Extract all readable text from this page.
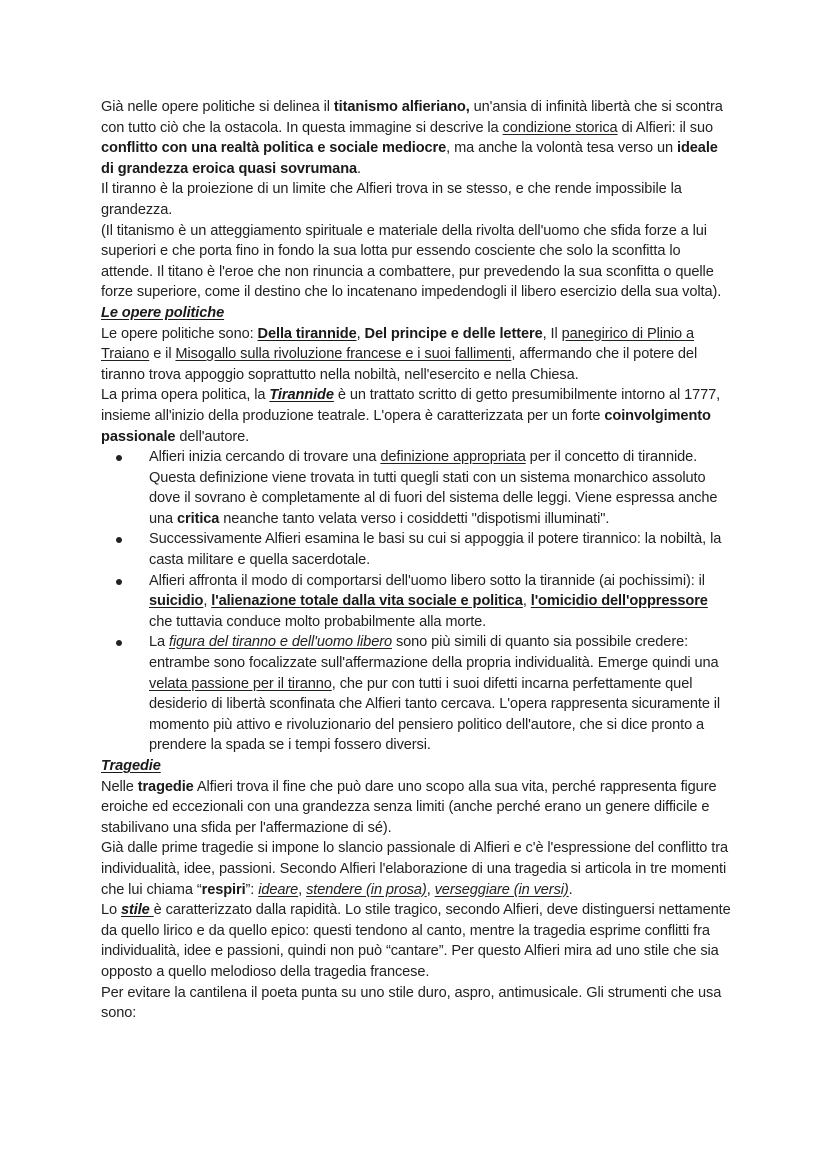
Già nelle opere politiche si delinea il titanismo alfieriano, un'ansia di infinità libertà che si scontra con tutto ciò che la ostacola. In questa immagine si descrive la condizione storica di Alfieri: il suo conflitto con una realtà politica e sociale mediocre, ma anche la volontà tesa verso un ideale di grandezza eroica quasi sovrumana.

Il tiranno è la proiezione di un limite che Alfieri trova in se stesso, e che rende impossibile la grandezza.

(Il titanismo è un atteggiamento spirituale e materiale della rivolta dell'uomo che sfida forze a lui superiori e che porta fino in fondo la sua lotta pur essendo cosciente che solo la sconfitta lo attende. Il titano è l'eroe che non rinuncia a combattere, pur prevedendo la sua sconfitta o quelle forze superiore, come il destino che lo incatenano impedendogli il libero esercizio della sua volta).

Le opere politiche

Le opere politiche sono: Della tirannide, Del principe e delle lettere, Il panegirico di Plinio a Traiano e il Misogallo sulla rivoluzione francese e i suoi fallimenti, affermando che il potere del tiranno trova appoggio soprattutto nella nobiltà, nell'esercito e nella Chiesa.

La prima opera politica, la Tirannide è un trattato scritto di getto presumibilmente intorno al 1777, insieme all'inizio della produzione teatrale. L'opera è caratterizzata per un forte coinvolgimento passionale dell'autore.

Alfieri inizia cercando di trovare una definizione appropriata per il concetto di tirannide. Questa definizione viene trovata in tutti quegli stati con un sistema monarchico assoluto dove il sovrano è completamente al di fuori del sistema delle leggi. Viene espressa anche una critica neanche tanto velata verso i cosiddetti "dispotismi illuminati".
Successivamente Alfieri esamina le basi su cui si appoggia il potere tirannico: la nobiltà, la casta militare e quella sacerdotale.
Alfieri affronta il modo di comportarsi dell'uomo libero sotto la tirannide (ai pochissimi): il suicidio, l'alienazione totale dalla vita sociale e politica, l'omicidio dell'oppressore che tuttavia conduce molto probabilmente alla morte.
La figura del tiranno e dell'uomo libero sono più simili di quanto sia possibile credere: entrambe sono focalizzate sull'affermazione della propria individualità. Emerge quindi una velata passione per il tiranno, che pur con tutti i suoi difetti incarna perfettamente quel desiderio di libertà sconfinata che Alfieri tanto cercava. L'opera rappresenta sicuramente il momento più attivo e rivoluzionario del pensiero politico dell'autore, che si dice pronto a prendere la spada se i tempi fossero diversi.

Tragedie

Nelle tragedie Alfieri trova il fine che può dare uno scopo alla sua vita, perché rappresenta figure eroiche ed eccezionali con una grandezza senza limiti (anche perché erano un genere difficile e stabilivano una sfida per l'affermazione di sé).

Già dalle prime tragedie si impone lo slancio passionale di Alfieri e c'è l'espressione del conflitto tra individualità, idee, passioni. Secondo Alfieri l'elaborazione di una tragedia si articola in tre momenti che lui chiama “respiri”: ideare, stendere (in prosa), verseggiare (in versi).

Lo stile è caratterizzato dalla rapidità. Lo stile tragico, secondo Alfieri, deve distinguersi nettamente da quello lirico e da quello epico: questi tendono al canto, mentre la tragedia esprime conflitti fra individualità, idee e passioni, quindi non può “cantare”. Per questo Alfieri mira ad uno stile che sia opposto a quello melodioso della tragedia francese.

Per evitare la cantilena il poeta punta su uno stile duro, aspro, antimusicale. Gli strumenti che usa sono:
